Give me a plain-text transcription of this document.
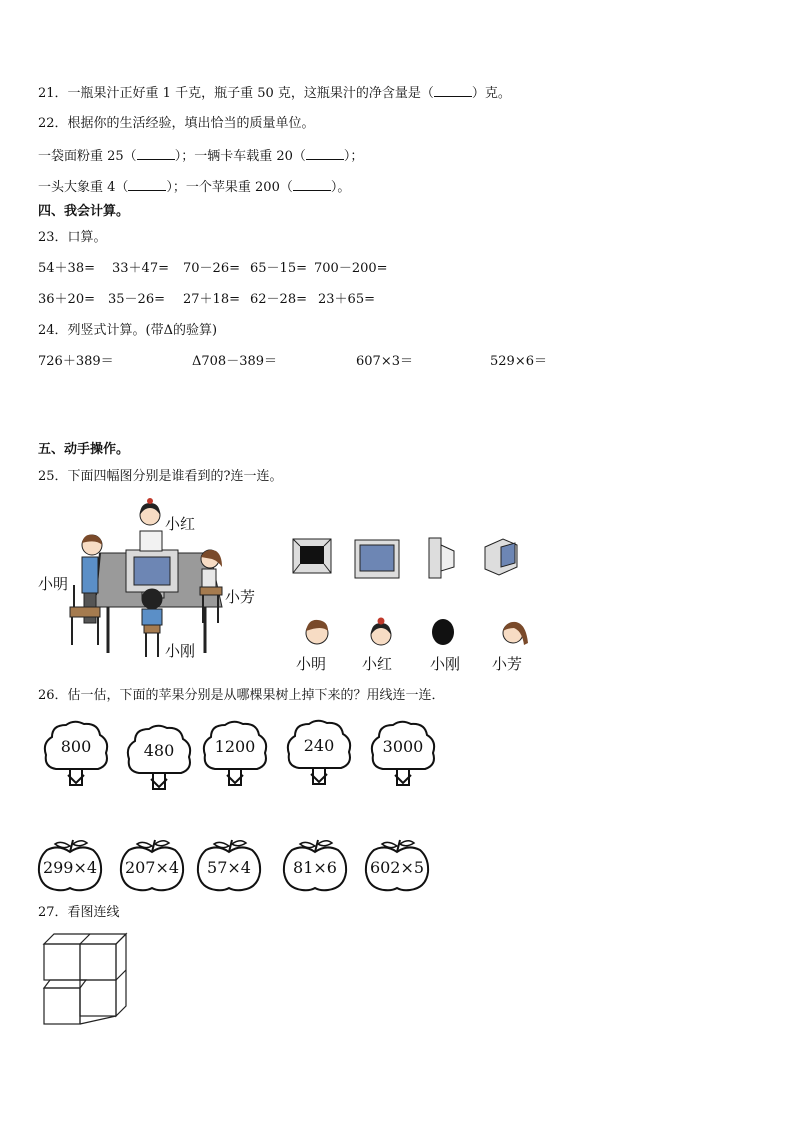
21．一瓶果汁正好重 1 千克，瓶子重 50 克，这瓶果汁的净含量是（	）克。
22．根据你的生活经验，填出恰当的质量单位。
一袋面粉重 25（	）；一辆卡车载重 20（	）；
一头大象重 4（	）；一个苹果重 200（	）。
四、我会计算。
23．口算。
54＋38= 33＋47= 70－26= 65－15= 700－200=
36＋20= 35－26= 27＋18= 62－28= 23＋65=
24．列竖式计算。(带Δ的验算)
726＋389＝	Δ708－389＝	607×3＝	529×6＝
五、动手操作。
25．下面四幅图分别是谁看到的?连一连。
小红
小明
小芳
小刚
小明 小红	小刚 小芳
26．估一估，下面的苹果分别是从哪棵果树上掉下来的？用线连一连．
800	480	1200	240	3000
299×4	207×4	57×4	81×6	602×5
27．看图连线
